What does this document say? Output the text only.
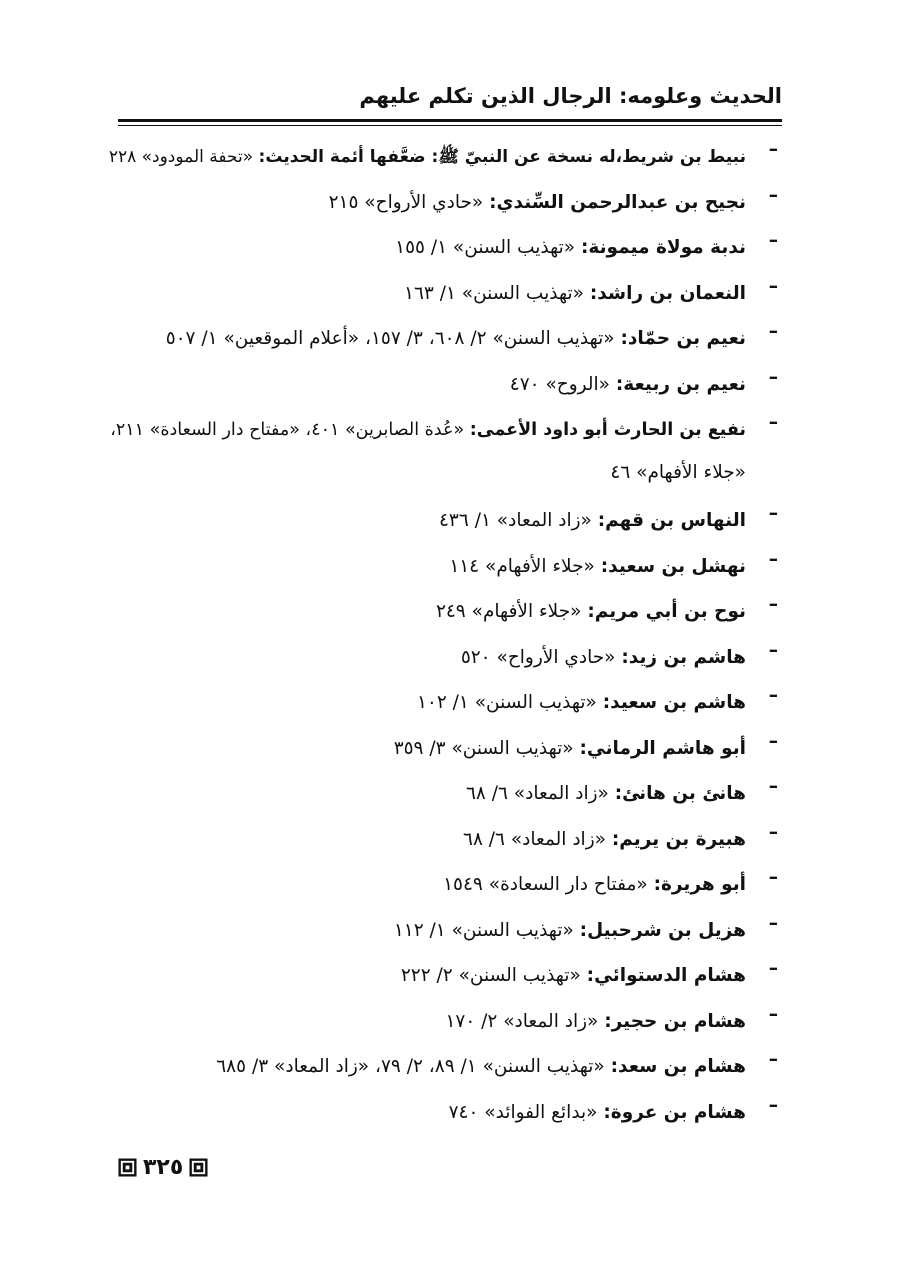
الحديث وعلومه: الرجال الذين تكلم عليهم
–
نبيط بن شريط،له نسخة عن النبيّ ﷺ: ضعَّفها أئمة الحديث: «تحفة المودود» ٢٢٨
–
نجيح بن عبدالرحمن السِّندي: «حادي الأرواح» ٢١٥
–
ندبة مولاة ميمونة: «تهذيب السنن» ١/ ١٥٥
–
النعمان بن راشد: «تهذيب السنن» ١/ ١٦٣
–
نعيم بن حمّاد: «تهذيب السنن» ٢/ ٦٠٨، ٣/ ١٥٧، «أعلام الموقعين» ١/ ٥٠٧
–
نعيم بن ربيعة: «الروح» ٤٧٠
–
نفيع بن الحارث أبو داود الأعمى: «عُدة الصابرين» ٤٠١، «مفتاح دار السعادة» ٢١١،
«جلاء الأفهام» ٤٦
–
النهاس بن قهم: «زاد المعاد» ١/ ٤٣٦
–
نهشل بن سعيد: «جلاء الأفهام» ١١٤
–
نوح بن أبي مريم: «جلاء الأفهام» ٢٤٩
–
هاشم بن زيد: «حادي الأرواح» ٥٢٠
–
هاشم بن سعيد: «تهذيب السنن» ١/ ١٠٢
–
أبو هاشم الرماني: «تهذيب السنن» ٣/ ٣٥٩
–
هانئ بن هانئ: «زاد المعاد» ٦/ ٦٨
–
هبيرة بن يريم: «زاد المعاد» ٦/ ٦٨
–
أبو هريرة: «مفتاح دار السعادة» ١٥٤٩
–
هزيل بن شرحبيل: «تهذيب السنن» ١/ ١١٢
–
هشام الدستوائي: «تهذيب السنن» ٢/ ٢٢٢
–
هشام بن حجير: «زاد المعاد» ٢/ ١٧٠
–
هشام بن سعد: «تهذيب السنن» ١/ ٨٩، ٢/ ٧٩، «زاد المعاد» ٣/ ٦٨٥
–
هشام بن عروة: «بدائع الفوائد» ٧٤٠
٣٢٥
